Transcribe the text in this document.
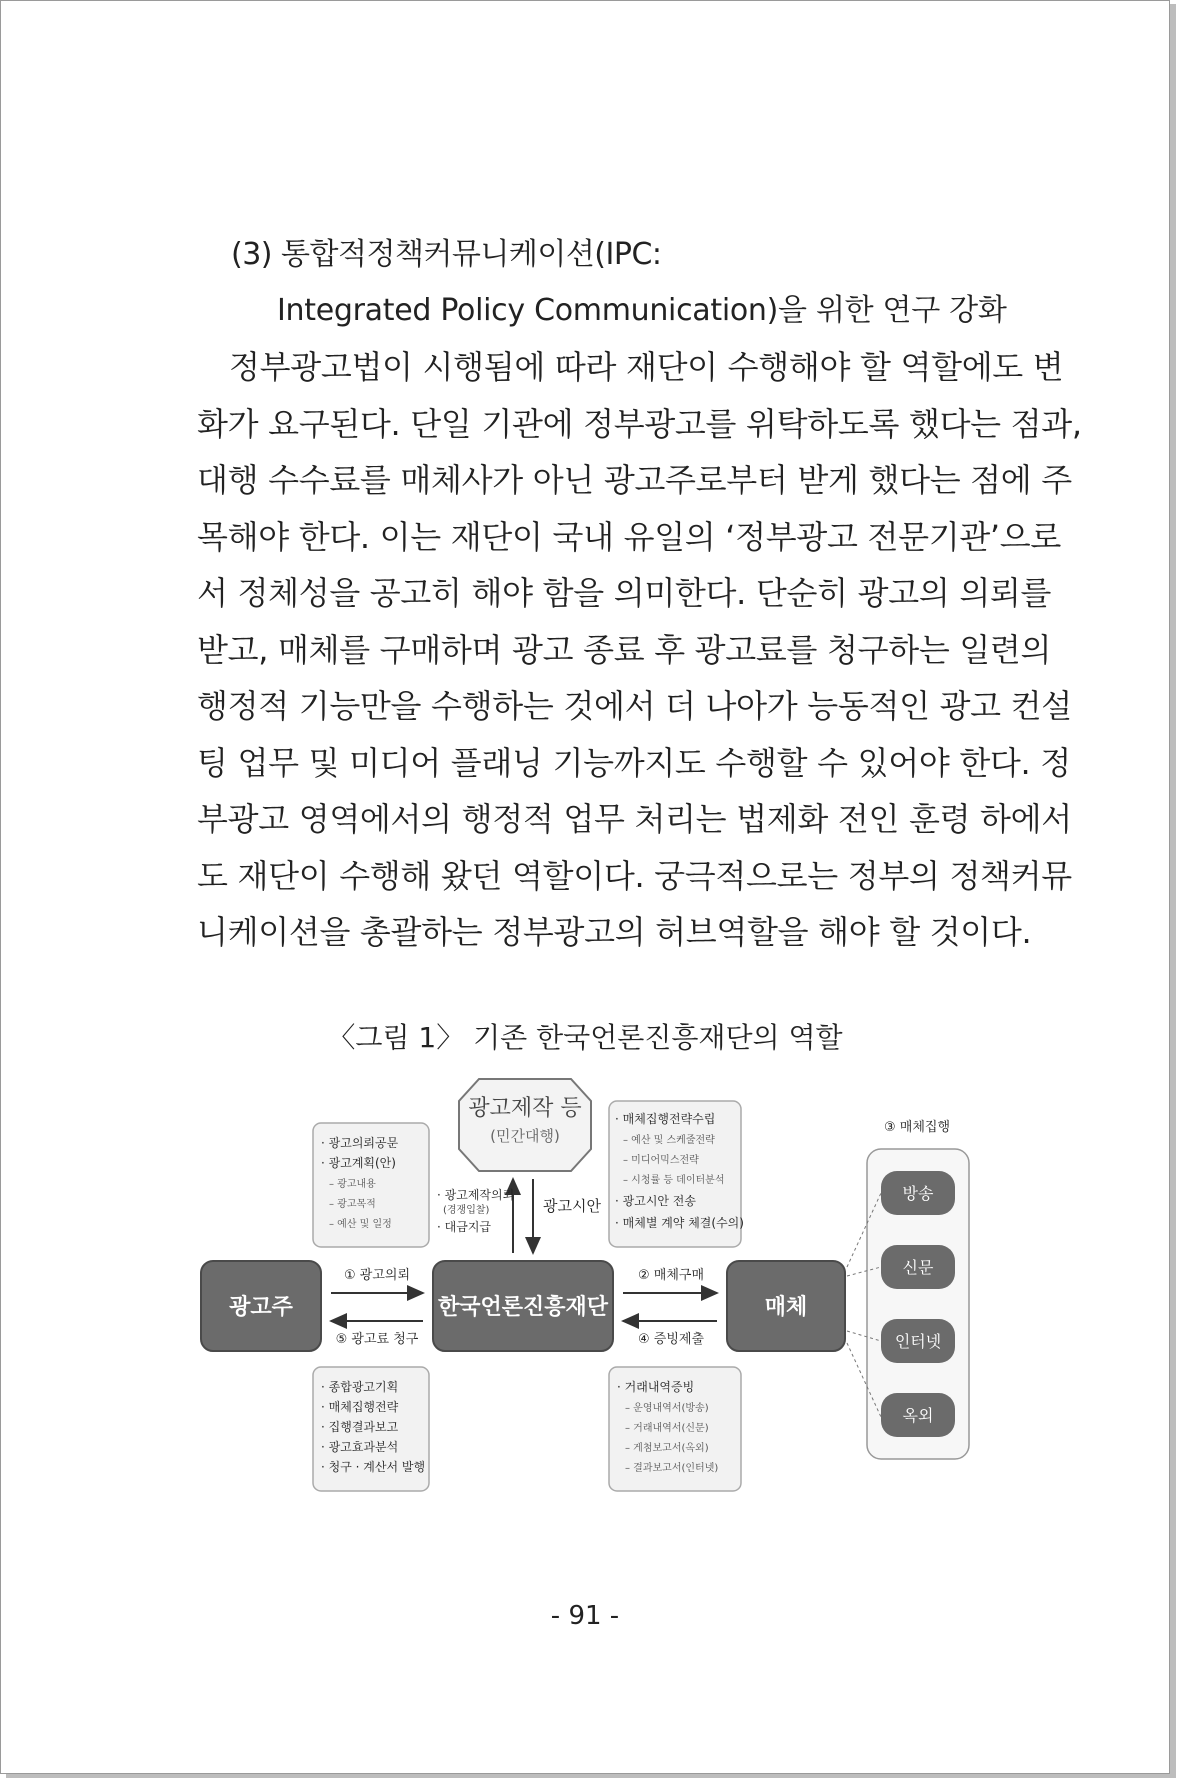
(3) 통합적정책커뮤니케이션(IPC:
Integrated Policy Communication)을 위한 연구 강화
정부광고법이 시행됨에 따라 재단이 수행해야 할 역할에도 변
화가 요구된다. 단일 기관에 정부광고를 위탁하도록 했다는 점과,
대행 수수료를 매체사가 아닌 광고주로부터 받게 했다는 점에 주
목해야 한다. 이는 재단이 국내 유일의 ‘정부광고 전문기관’으로
서 정체성을 공고히 해야 함을 의미한다. 단순히 광고의 의뢰를
받고, 매체를 구매하며 광고 종료 후 광고료를 청구하는 일련의
행정적 기능만을 수행하는 것에서 더 나아가 능동적인 광고 컨설
팅 업무 및 미디어 플래닝 기능까지도 수행할 수 있어야 한다. 정
부광고 영역에서의 행정적 업무 처리는 법제화 전인 훈령 하에서
도 재단이 수행해 왔던 역할이다. 궁극적으로는 정부의 정책커뮤
니케이션을 총괄하는 정부광고의 허브역할을 해야 할 것이다.
〈그림 1〉 기존 한국언론진흥재단의 역할
광고제작 등
(민간대행)
· 광고제작의뢰
(경쟁입찰)
· 대금지급
광고시안
· 광고의뢰공문
· 광고계획(안)
– 광고내용
– 광고목적
– 예산 및 일정
· 매체집행전략수립
– 예산 및 스케줄전략
– 미디어믹스전략
– 시청률 등 데이터분석
· 광고시안 전송
· 매체별 계약 체결(수의)
광고주	한국언론진흥재단	매체
① 광고의뢰
⑤ 광고료 청구
② 매체구매
④ 증빙제출
· 종합광고기획
· 매체집행전략
· 집행결과보고
· 광고효과분석
· 청구 · 계산서 발행
· 거래내역증빙
– 운영내역서(방송)
– 거래내역서(신문)
– 게첨보고서(옥외)
– 결과보고서(인터넷)
③ 매체집행
방송
신문
인터넷
옥외
- 91 -
